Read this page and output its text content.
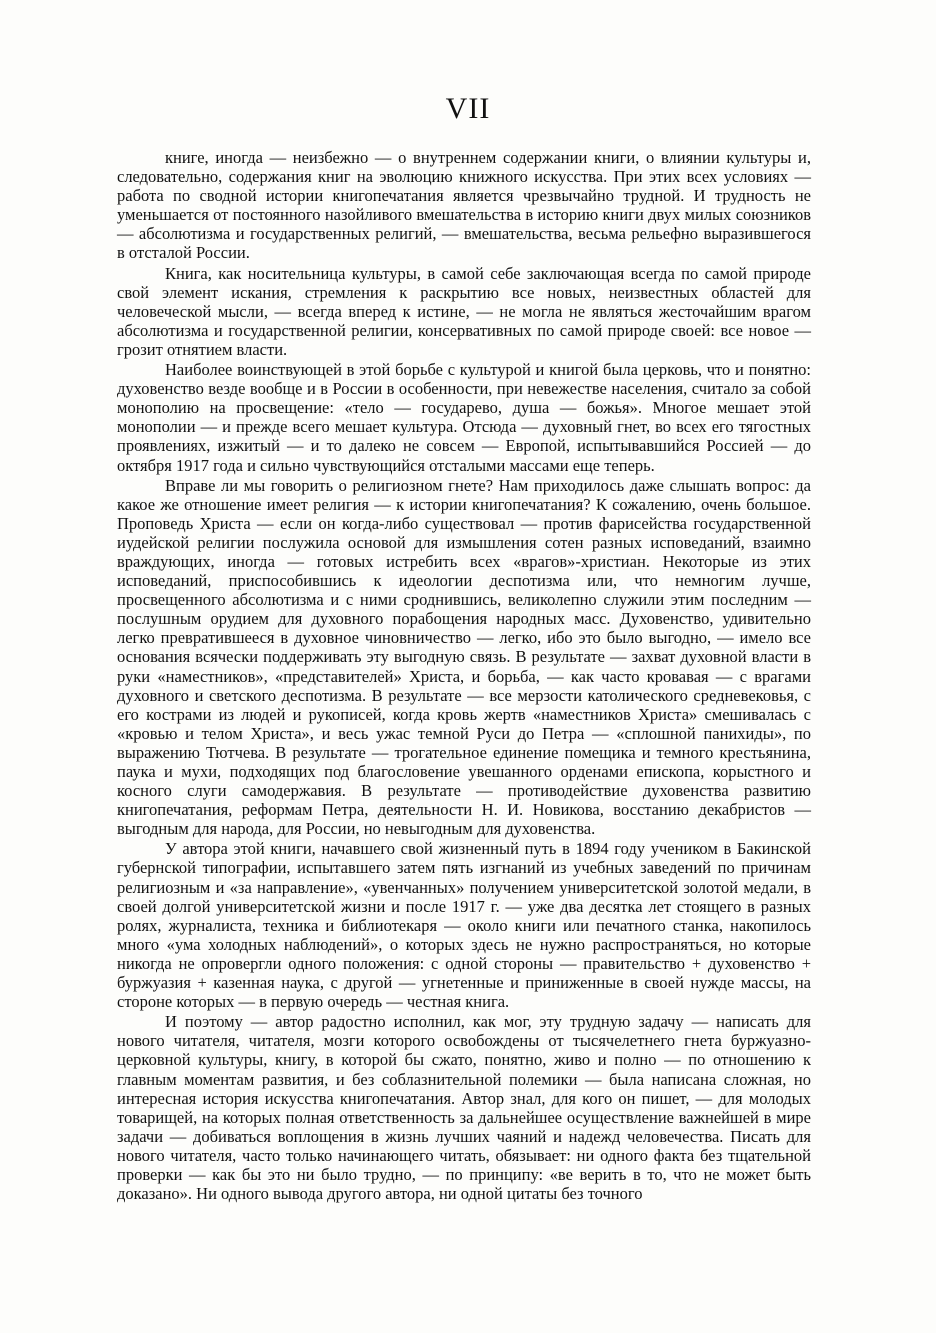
VII

книге, иногда — неизбежно — о внутреннем содержании книги, о влиянии культуры и, следовательно, содержания книг на эволюцию книжного искусства. При этих всех условиях — работа по сводной истории книгопечатания является чрезвычайно трудной. И трудность не уменьшается от постоянного назойливого вмешательства в историю книги двух милых союзников — абсолютизма и государственных религий, — вмешательства, весьма рельефно выразившегося в отсталой России.

Книга, как носительница культуры, в самой себе заключающая всегда по самой природе свой элемент искания, стремления к раскрытию все новых, неизвестных областей для человеческой мысли, — всегда вперед к истине, — не могла не являться жесточайшим врагом абсолютизма и государственной религии, консервативных по самой природе своей: все новое — грозит отнятием власти.

Наиболее воинствующей в этой борьбе с культурой и книгой была церковь, что и понятно: духовенство везде вообще и в России в особенности, при невежестве населения, считало за собой монополию на просвещение: «тело — государево, душа — божья». Многое мешает этой монополии — и прежде всего мешает культура. Отсюда — духовный гнет, во всех его тягостных проявлениях, изжитый — и то далеко не совсем — Европой, испытывавшийся Россией — до октября 1917 года и сильно чувствующийся отсталыми массами еще теперь.

Вправе ли мы говорить о религиозном гнете? Нам приходилось даже слышать вопрос: да какое же отношение имеет религия — к истории книгопечатания? К сожалению, очень большое. Проповедь Христа — если он когда-либо существовал — против фарисейства государственной иудейской религии послужила основой для измышления сотен разных исповеданий, взаимно враждующих, иногда — готовых истребить всех «врагов»-христиан. Некоторые из этих исповеданий, приспособившись к идеологии деспотизма или, что немногим лучше, просвещенного абсолютизма и с ними сроднившись, великолепно служили этим последним — послушным орудием для духовного порабощения народных масс. Духовенство, удивительно легко превратившееся в духовное чиновничество — легко, ибо это было выгодно, — имело все основания всячески поддерживать эту выгодную связь. В результате — захват духовной власти в руки «наместников», «представителей» Христа, и борьба, — как часто кровавая — с врагами духовного и светского деспотизма. В результате — все мерзости католического средневековья, с его кострами из людей и рукописей, когда кровь жертв «наместников Христа» смешивалась с «кровью и телом Христа», и весь ужас темной Руси до Петра — «сплошной панихиды», по выражению Тютчева. В результате — трогательное единение помещика и темного крестьянина, паука и мухи, подходящих под благословение увешанного орденами епископа, корыстного и косного слуги самодержавия. В результате — противодействие духовенства развитию книгопечатания, реформам Петра, деятельности Н. И. Новикова, восстанию декабристов — выгодным для народа, для России, но невыгодным для духовенства.

У автора этой книги, начавшего свой жизненный путь в 1894 году учеником в Бакинской губернской типографии, испытавшего затем пять изгнаний из учебных заведений по причинам религиозным и «за направление», «увенчанных» получением университетской золотой медали, в своей долгой университетской жизни и после 1917 г. — уже два десятка лет стоящего в разных ролях, журналиста, техника и библиотекаря — около книги или печатного станка, накопилось много «ума холодных наблюдений», о которых здесь не нужно распространяться, но которые никогда не опровергли одного положения: с одной стороны — правительство + духовенство + буржуазия + казенная наука, с другой — угнетенные и приниженные в своей нужде массы, на стороне которых — в первую очередь — честная книга.

И поэтому — автор радостно исполнил, как мог, эту трудную задачу — написать для нового читателя, читателя, мозги которого освобождены от тысячелетнего гнета буржуазно-церковной культуры, книгу, в которой бы сжато, понятно, живо и полно — по отношению к главным моментам развития, и без соблазнительной полемики — была написана сложная, но интересная история искусства книгопечатания. Автор знал, для кого он пишет, — для молодых товарищей, на которых полная ответственность за дальнейшее осуществление важнейшей в мире задачи — добиваться воплощения в жизнь лучших чаяний и надежд человечества. Писать для нового читателя, часто только начинающего читать, обязывает: ни одного факта без тщательной проверки — как бы это ни было трудно, — по принципу: «ве верить в то, что не может быть доказано». Ни одного вывода другого автора, ни одной цитаты без точного
